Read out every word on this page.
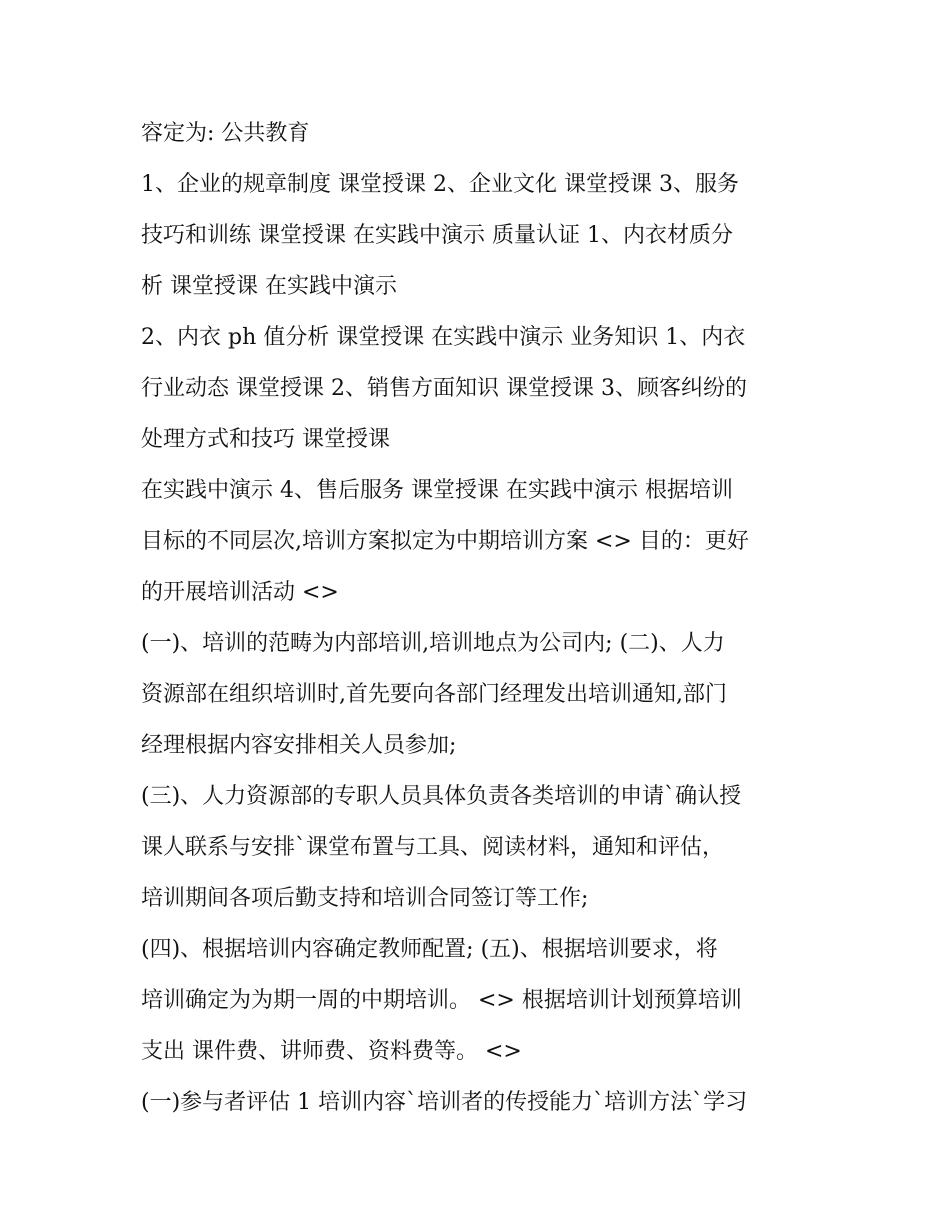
容定为: 公共教育
1、企业的规章制度 课堂授课 2、企业文化 课堂授课 3、服务
技巧和训练 课堂授课 在实践中演示 质量认证 1、内衣材质分
析 课堂授课 在实践中演示
2、内衣 ph 值分析 课堂授课 在实践中演示 业务知识 1、内衣
行业动态 课堂授课 2、销售方面知识 课堂授课 3、顾客纠纷的
处理方式和技巧 课堂授课
在实践中演示 4、售后服务 课堂授课 在实践中演示 根据培训
目标的不同层次,培训方案拟定为中期培训方案 <> 目的：更好
的开展培训活动 <>
(一)、培训的范畴为内部培训,培训地点为公司内; (二)、人力
资源部在组织培训时,首先要向各部门经理发出培训通知,部门
经理根据内容安排相关人员参加;
(三)、人力资源部的专职人员具体负责各类培训的申请`确认授
课人联系与安排`课堂布置与工具、阅读材料，通知和评估，
培训期间各项后勤支持和培训合同签订等工作;
(四)、根据培训内容确定教师配置; (五)、根据培训要求，将
培训确定为为期一周的中期培训。 <> 根据培训计划预算培训
支出 课件费、讲师费、资料费等。 <>
(一)参与者评估 1 培训内容`培训者的传授能力`培训方法`学习
